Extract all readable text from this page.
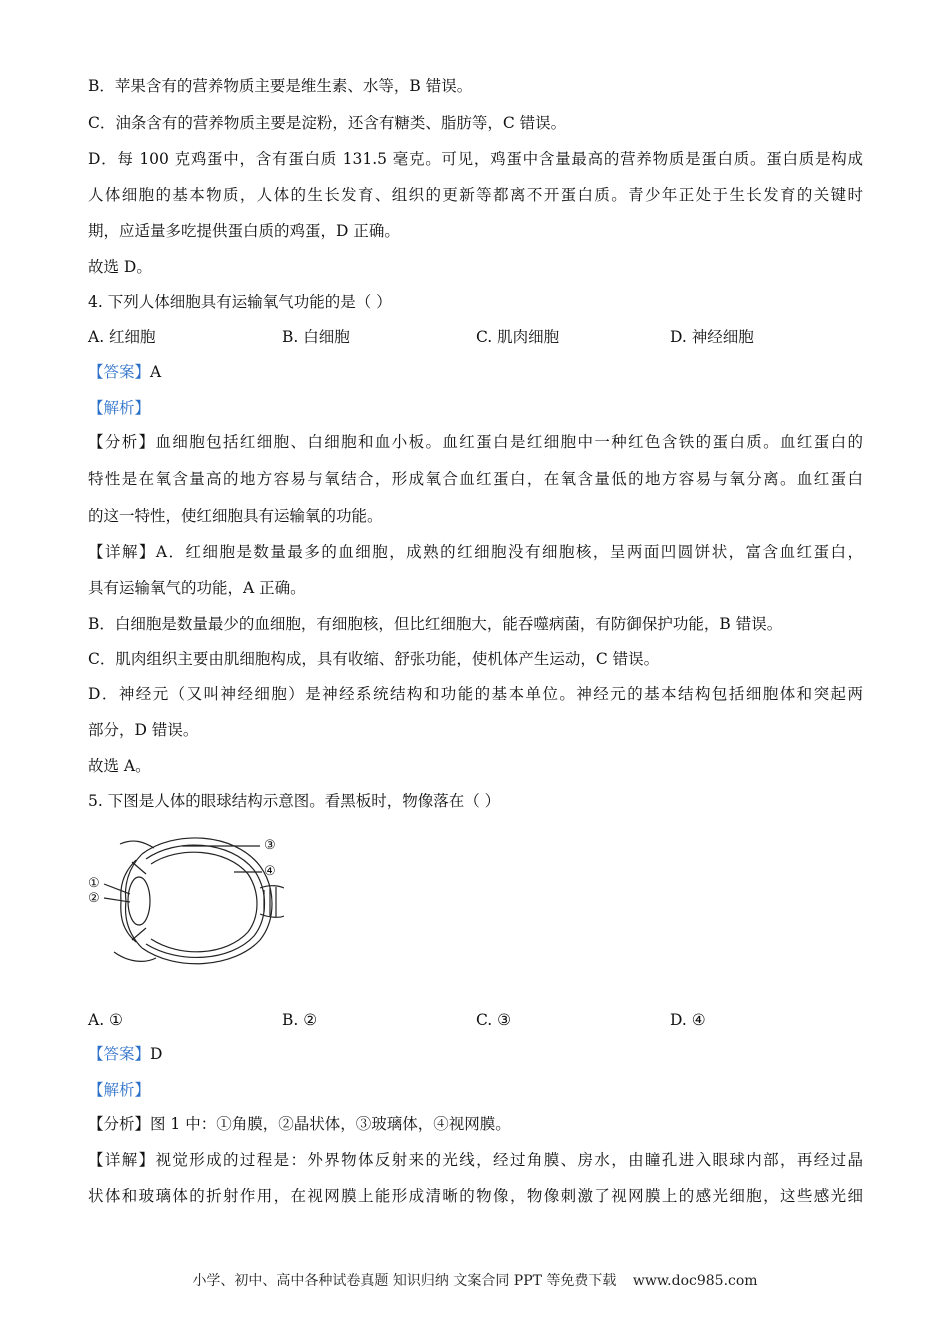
B．苹果含有的营养物质主要是维生素、水等，B 错误。
C．油条含有的营养物质主要是淀粉，还含有糖类、脂肪等，C 错误。
D．每 100 克鸡蛋中，含有蛋白质 131.5 毫克。可见，鸡蛋中含量最高的营养物质是蛋白质。蛋白质是构成
人体细胞的基本物质，人体的生长发育、组织的更新等都离不开蛋白质。青少年正处于生长发育的关键时
期，应适量多吃提供蛋白质的鸡蛋，D 正确。
故选 D。
4. 下列人体细胞具有运输氧气功能的是（ ）
A. 红细胞	B. 白细胞	C. 肌肉细胞	D. 神经细胞
【答案】A
【解析】
【分析】血细胞包括红细胞、白细胞和血小板。血红蛋白是红细胞中一种红色含铁的蛋白质。血红蛋白的
特性是在氧含量高的地方容易与氧结合，形成氧合血红蛋白，在氧含量低的地方容易与氧分离。血红蛋白
的这一特性，使红细胞具有运输氧的功能。
【详解】A．红细胞是数量最多的血细胞，成熟的红细胞没有细胞核，呈两面凹圆饼状，富含血红蛋白，
具有运输氧气的功能，A 正确。
B．白细胞是数量最少的血细胞，有细胞核，但比红细胞大，能吞噬病菌，有防御保护功能，B 错误。
C．肌肉组织主要由肌细胞构成，具有收缩、舒张功能，使机体产生运动，C 错误。
D．神经元（又叫神经细胞）是神经系统结构和功能的基本单位。神经元的基本结构包括细胞体和突起两
部分，D 错误。
故选 A。
5. 下图是人体的眼球结构示意图。看黑板时，物像落在（ ）
③
④
①
②
A. ①	B. ②	C. ③	D. ④
【答案】D
【解析】
【分析】图 1 中：①角膜，②晶状体，③玻璃体，④视网膜。
【详解】视觉形成的过程是：外界物体反射来的光线，经过角膜、房水，由瞳孔进入眼球内部，再经过晶
状体和玻璃体的折射作用，在视网膜上能形成清晰的物像，物像刺激了视网膜上的感光细胞，这些感光细
小学、初中、高中各种试卷真题 知识归纳 文案合同 PPT 等免费下载 www.doc985.com
